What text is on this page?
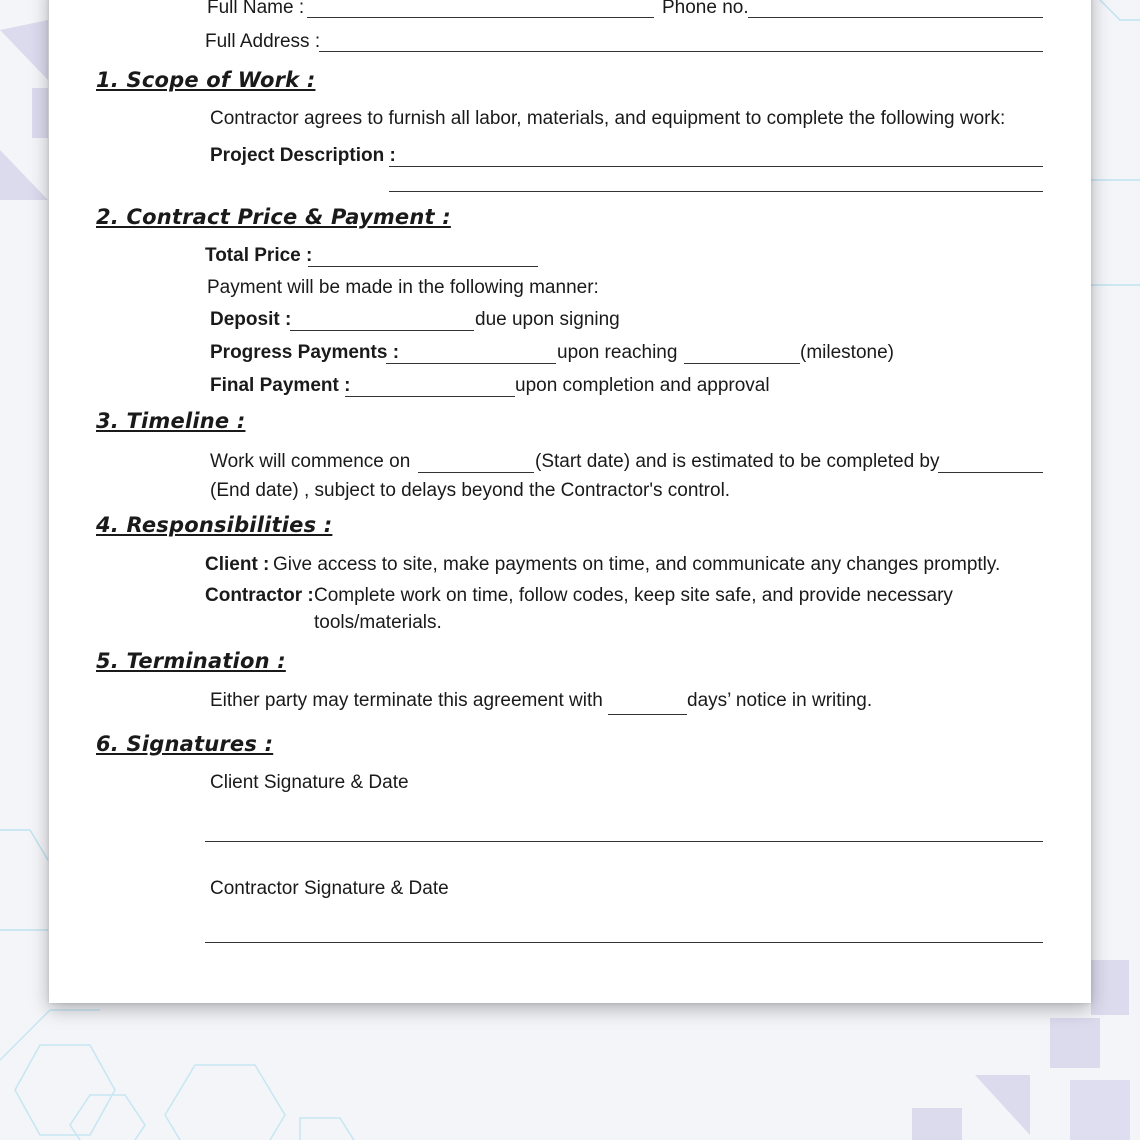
Full Name :	Phone no.
Full Address :
1. Scope of Work :
Contractor agrees to furnish all labor, materials, and equipment to complete the following work:
Project Description :
2. Contract Price & Payment :
Total Price :
Payment will be made in the following manner:
Deposit :	due upon signing
Progress Payments :	upon reaching	(milestone)
Final Payment :	upon completion and approval
3. Timeline :
Work will commence on	(Start date) and is estimated to be completed by
(End date) , subject to delays beyond the Contractor's control.
4. Responsibilities :
Client : Give access to site, make payments on time, and communicate any changes promptly.
Contractor : Complete work on time, follow codes, keep site safe, and provide necessary
tools/materials.
5. Termination :
Either party may terminate this agreement with	days’ notice in writing.
6. Signatures :
Client Signature & Date
Contractor Signature & Date
